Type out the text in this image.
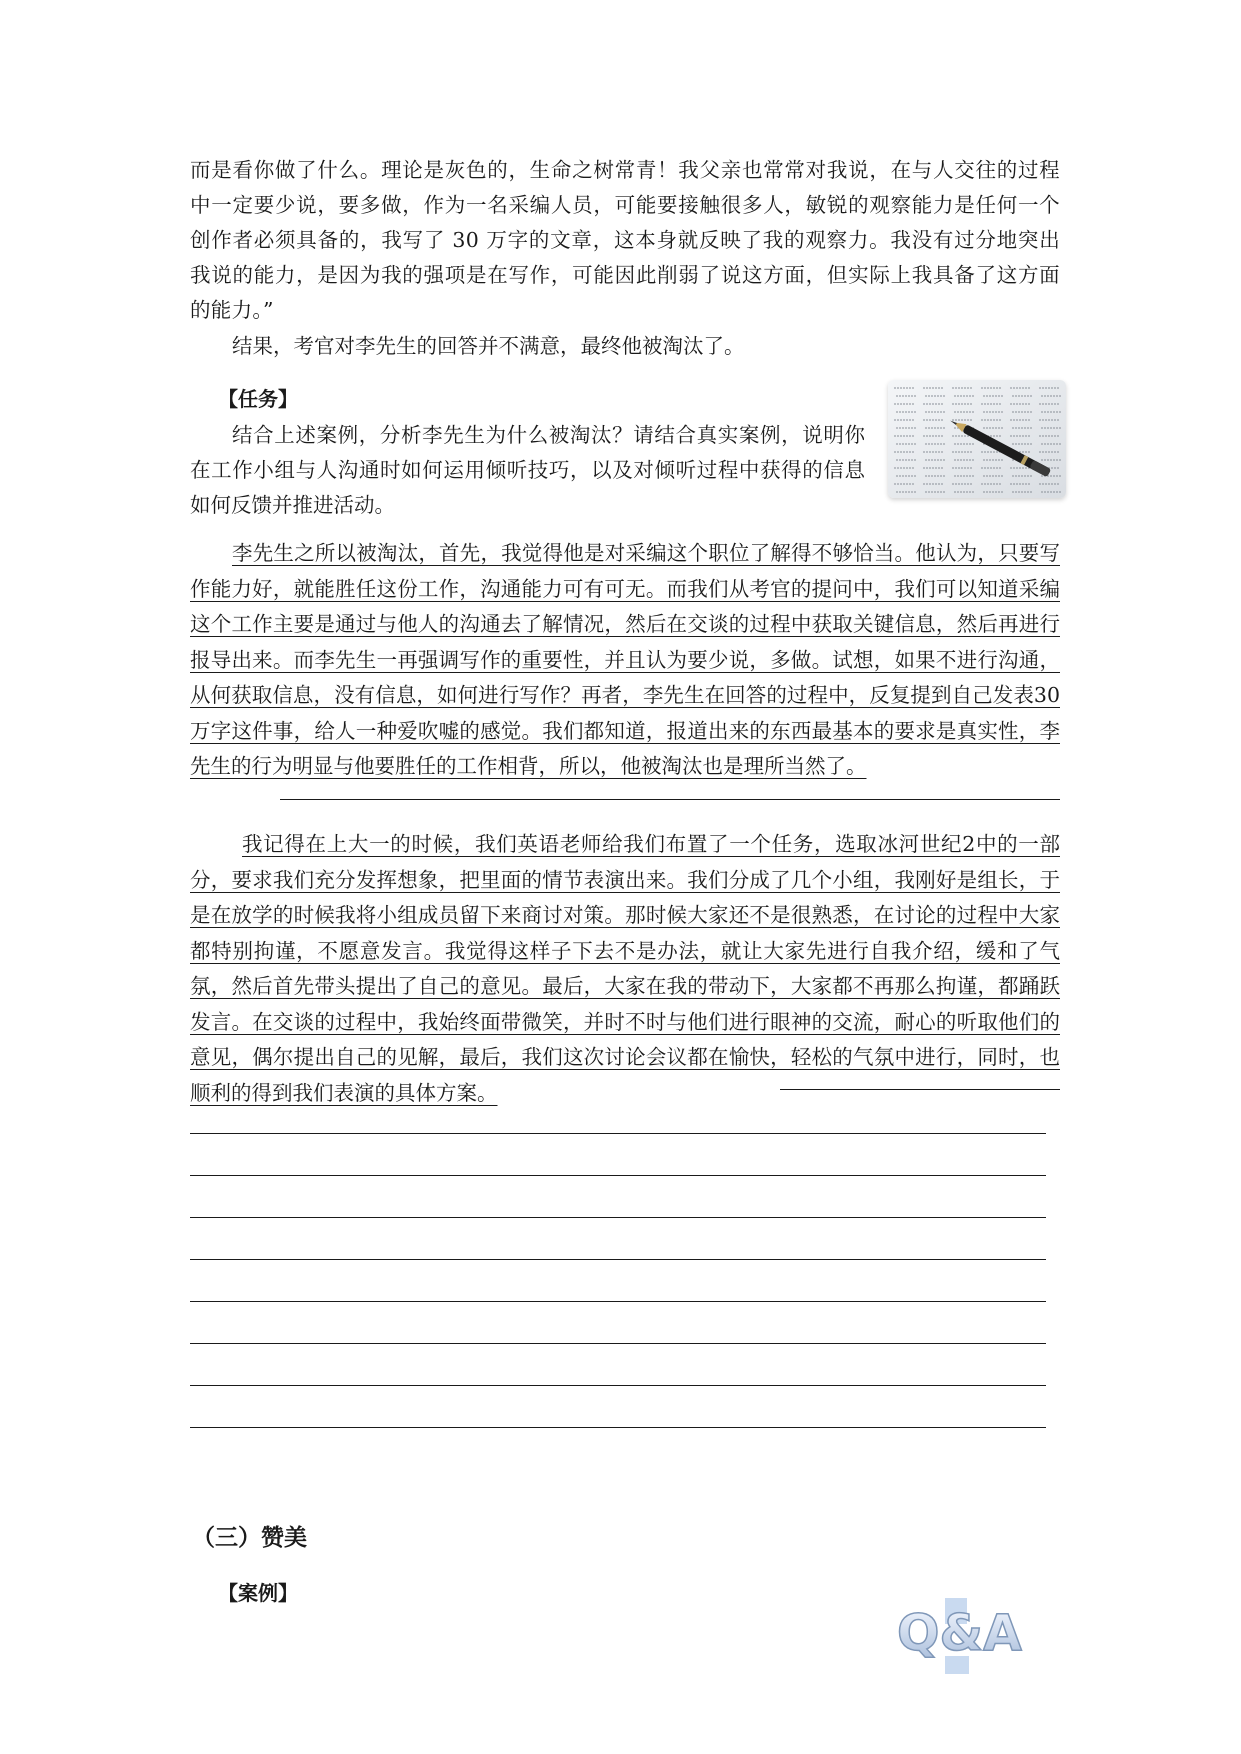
而是看你做了什么。理论是灰色的，生命之树常青！我父亲也常常对我说，在与人交往的过程中一定要少说，要多做，作为一名采编人员，可能要接触很多人，敏锐的观察能力是任何一个创作者必须具备的，我写了 30 万字的文章，这本身就反映了我的观察力。我没有过分地突出我说的能力，是因为我的强项是在写作，可能因此削弱了说这方面，但实际上我具备了这方面的能力。”

结果，考官对李先生的回答并不满意，最终他被淘汰了。

【任务】

结合上述案例，分析李先生为什么被淘汰？请结合真实案例，说明你在工作小组与人沟通时如何运用倾听技巧，以及对倾听过程中获得的信息如何反馈并推进活动。

李先生之所以被淘汰，首先，我觉得他是对采编这个职位了解得不够恰当。他认为，只要写作能力好，就能胜任这份工作，沟通能力可有可无。而我们从考官的提问中，我们可以知道采编这个工作主要是通过与他人的沟通去了解情况，然后在交谈的过程中获取关键信息，然后再进行报导出来。而李先生一再强调写作的重要性，并且认为要少说，多做。试想，如果不进行沟通，从何获取信息，没有信息，如何进行写作？再者，李先生在回答的过程中，反复提到自己发表30万字这件事，给人一种爱吹嘘的感觉。我们都知道，报道出来的东西最基本的要求是真实性，李先生的行为明显与他要胜任的工作相背，所以，他被淘汰也是理所当然了。

我记得在上大一的时候，我们英语老师给我们布置了一个任务，选取冰河世纪2中的一部分，要求我们充分发挥想象，把里面的情节表演出来。我们分成了几个小组，我刚好是组长，于是在放学的时候我将小组成员留下来商讨对策。那时候大家还不是很熟悉，在讨论的过程中大家都特别拘谨，不愿意发言。我觉得这样子下去不是办法，就让大家先进行自我介绍，缓和了气氛，然后首先带头提出了自己的意见。最后，大家在我的带动下，大家都不再那么拘谨，都踊跃发言。在交谈的过程中，我始终面带微笑，并时不时与他们进行眼神的交流，耐心的听取他们的意见，偶尔提出自己的见解，最后，我们这次讨论会议都在愉快，轻松的气氛中进行，同时，也顺利的得到我们表演的具体方案。

（三）赞美

【案例】

Q&A
